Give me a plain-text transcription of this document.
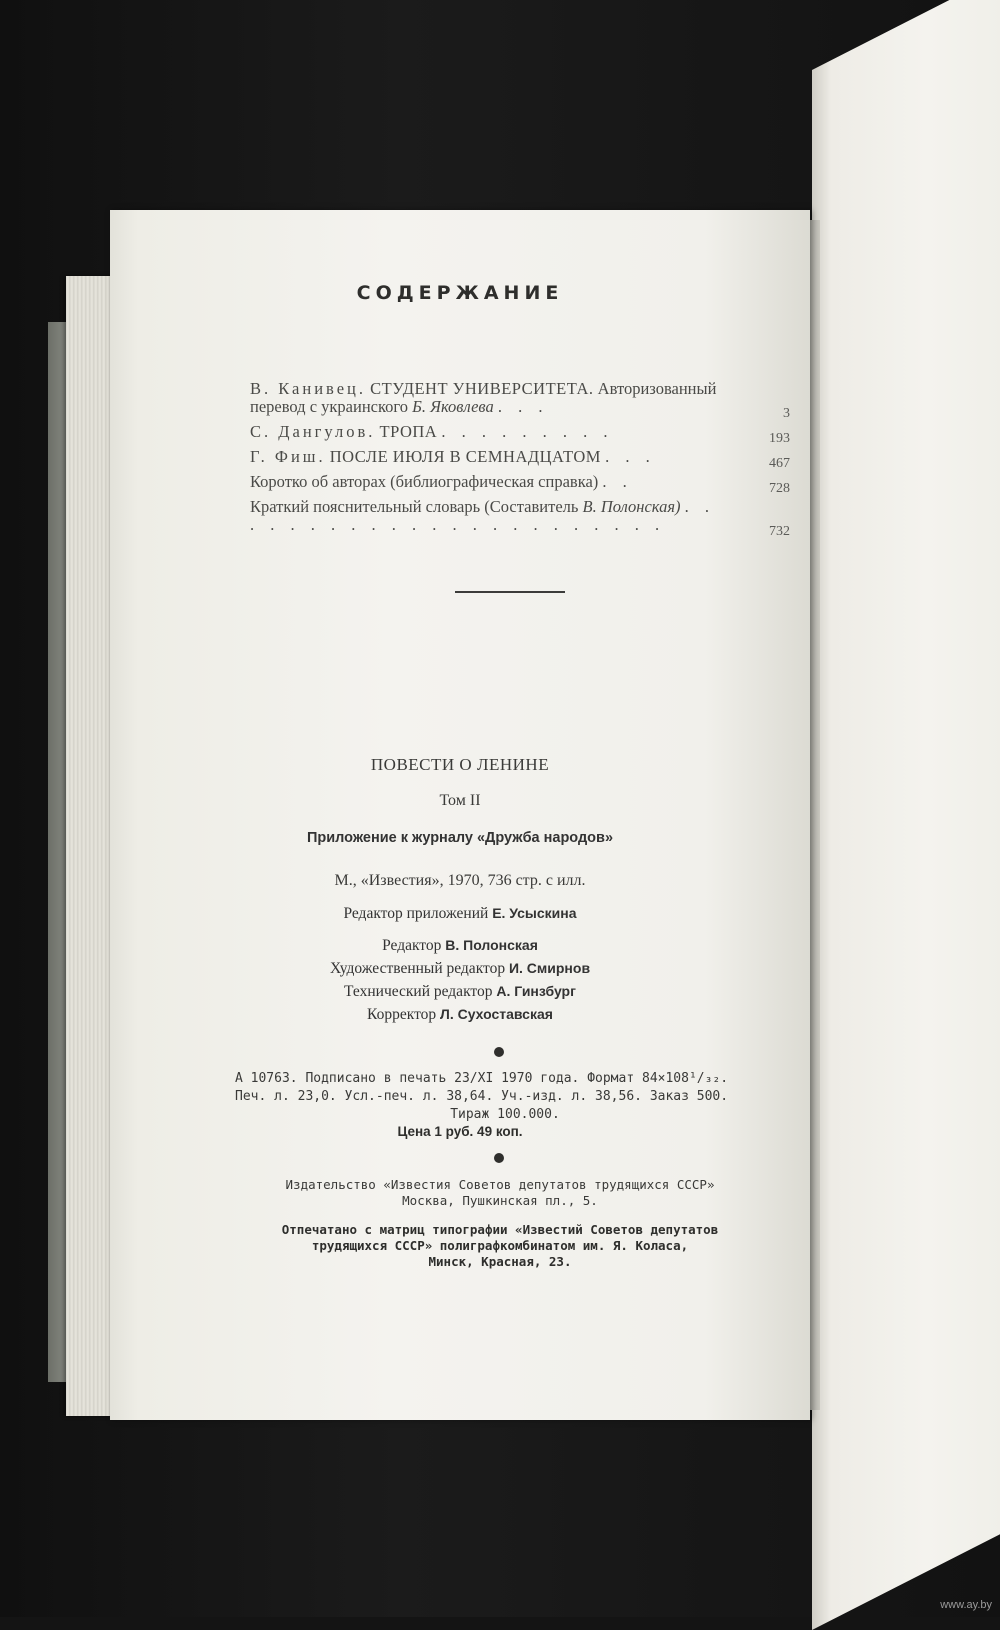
СОДЕРЖАНИЕ
В. Канивец. СТУДЕНТ УНИВЕРСИТЕТА. Авторизованный перевод с украинского Б. Яковлева . . .	3
С. Дангулов. ТРОПА . . . . . . . . .	193
Г. Фиш. ПОСЛЕ ИЮЛЯ В СЕМНАДЦАТОМ . . .	467
Коротко об авторах (библиографическая справка) . .	728
Краткий пояснительный словарь (Составитель В. Полонская) . . . . . . . . . . . . . . . . . . . . . . .	732
ПОВЕСТИ О ЛЕНИНЕ
Том II
Приложение к журналу «Дружба народов»
М., «Известия», 1970, 736 стр. с илл.
Редактор приложений Е. Усыскина
Редактор В. Полонская
Художественный редактор И. Смирнов
Технический редактор А. Гинзбург
Корректор Л. Сухоставская
А 10763. Подписано в печать 23/XI 1970 года. Формат 84×108¹/₃₂.
Печ. л. 23,0. Усл.-печ. л. 38,64. Уч.-изд. л. 38,56. Заказ 500.
Тираж 100.000.
Цена 1 руб. 49 коп.
Издательство «Известия Советов депутатов трудящихся СССР»
Москва, Пушкинская пл., 5.
Отпечатано с матриц типографии «Известий Советов депутатов
трудящихся СССР» полиграфкомбинатом им. Я. Коласа,
Минск, Красная, 23.
www.ay.by
